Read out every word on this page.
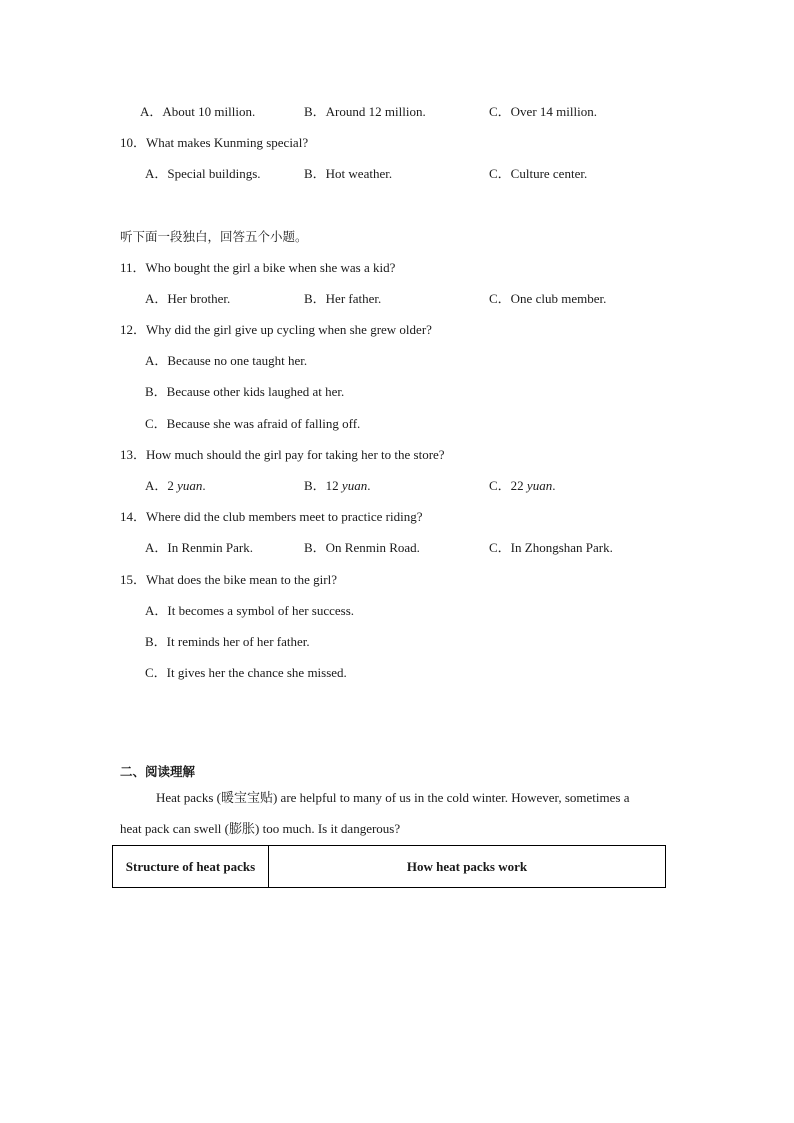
A．About 10 million.	B．Around 12 million.	C．Over 14 million.
10．What makes Kunming special?
A．Special buildings.	B．Hot weather.	C．Culture center.
听下面一段独白，回答五个小题。
11．Who bought the girl a bike when she was a kid?
A．Her brother.	B．Her father.	C．One club member.
12．Why did the girl give up cycling when she grew older?
A．Because no one taught her.
B．Because other kids laughed at her.
C．Because she was afraid of falling off.
13．How much should the girl pay for taking her to the store?
A．2 yuan.	B．12 yuan.	C．22 yuan.
14．Where did the club members meet to practice riding?
A．In Renmin Park.	B．On Renmin Road.	C．In Zhongshan Park.
15．What does the bike mean to the girl?
A．It becomes a symbol of her success.
B．It reminds her of her father.
C．It gives her the chance she missed.
二、阅读理解
Heat packs (暖宝宝贴) are helpful to many of us in the cold winter. However, sometimes a
heat pack can swell (膨胀) too much. Is it dangerous?
Structure of heat packs	How heat packs work
